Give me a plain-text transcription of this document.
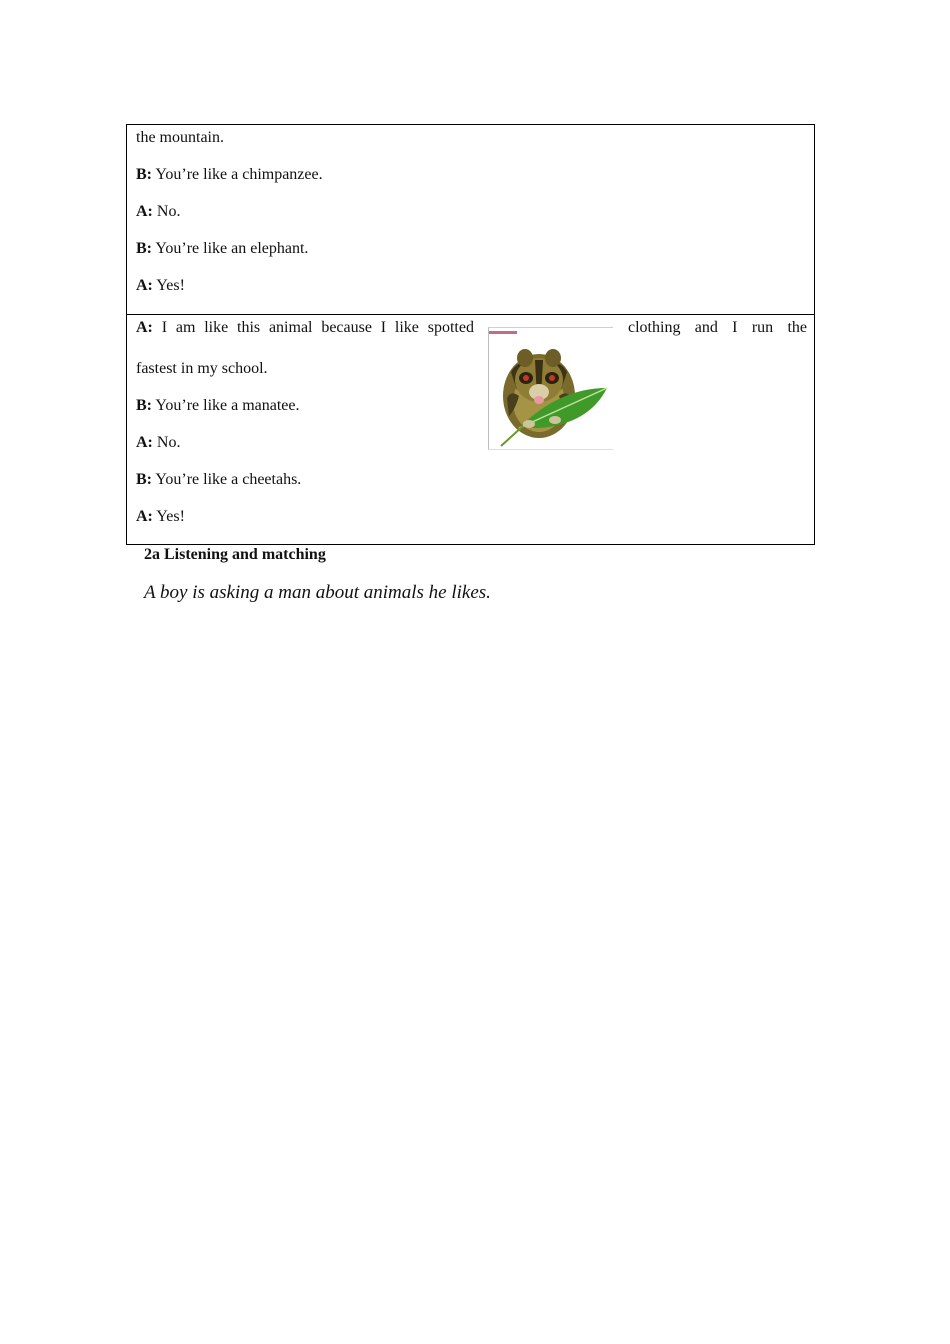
the mountain.
B: You’re like a chimpanzee.
A: No.
B: You’re like an elephant.
A: Yes!
A: I am like this animal because I like spotted	clothing and I run the
fastest in my school.
B: You’re like a manatee.
A: No.
B: You’re like a cheetahs.
A: Yes!
2a Listening and matching
A boy is asking a man about animals he likes.
